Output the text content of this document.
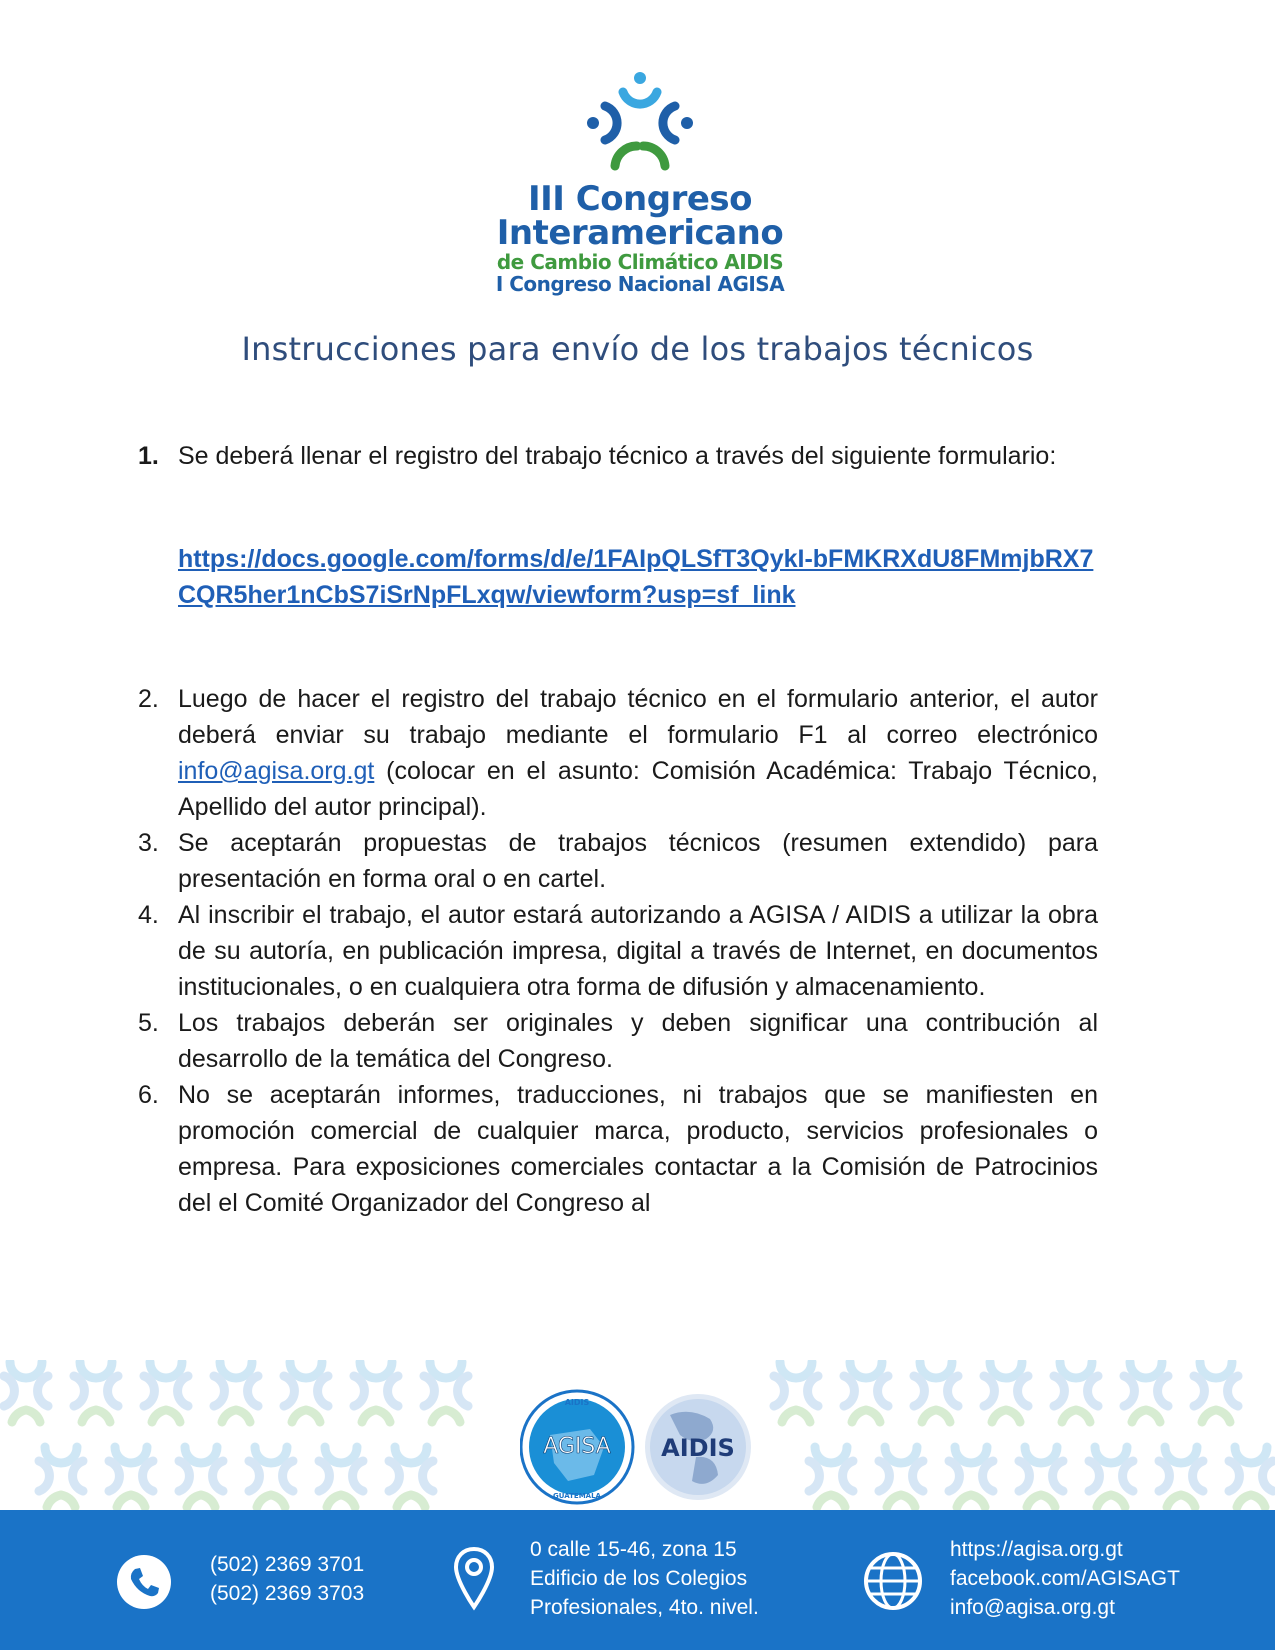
III Congreso
Interamericano
de Cambio Climático AIDIS
I Congreso Nacional AGISA
Instrucciones para envío de los trabajos técnicos
1. Se deberá llenar el registro del trabajo técnico a través del siguiente formulario:
https://docs.google.com/forms/d/e/1FAIpQLSfT3QykI-bFMKRXdU8FMmjbRX7CQR5her1nCbS7iSrNpFLxqw/viewform?usp=sf_link
2. Luego de hacer el registro del trabajo técnico en el formulario anterior, el autor deberá enviar su trabajo mediante el formulario F1 al correo electrónico info@agisa.org.gt (colocar en el asunto: Comisión Académica: Trabajo Técnico, Apellido del autor principal).
3. Se aceptarán propuestas de trabajos técnicos (resumen extendido) para presentación en forma oral o en cartel.
4. Al inscribir el trabajo, el autor estará autorizando a AGISA / AIDIS a utilizar la obra de su autoría, en publicación impresa, digital a través de Internet, en documentos institucionales, o en cualquiera otra forma de difusión y almacenamiento.
5. Los trabajos deberán ser originales y deben significar una contribución al desarrollo de la temática del Congreso.
6. No se aceptarán informes, traducciones, ni trabajos que se manifiesten en promoción comercial de cualquier marca, producto, servicios profesionales o empresa. Para exposiciones comerciales contactar a la Comisión de Patrocinios del el Comité Organizador del Congreso al
AIDIS
AGISA
GUATEMALA
AIDIS
(502) 2369 3701
(502) 2369 3703
0 calle 15-46, zona 15
Edificio de los Colegios
Profesionales, 4to. nivel.
https://agisa.org.gt
facebook.com/AGISAGT
info@agisa.org.gt
